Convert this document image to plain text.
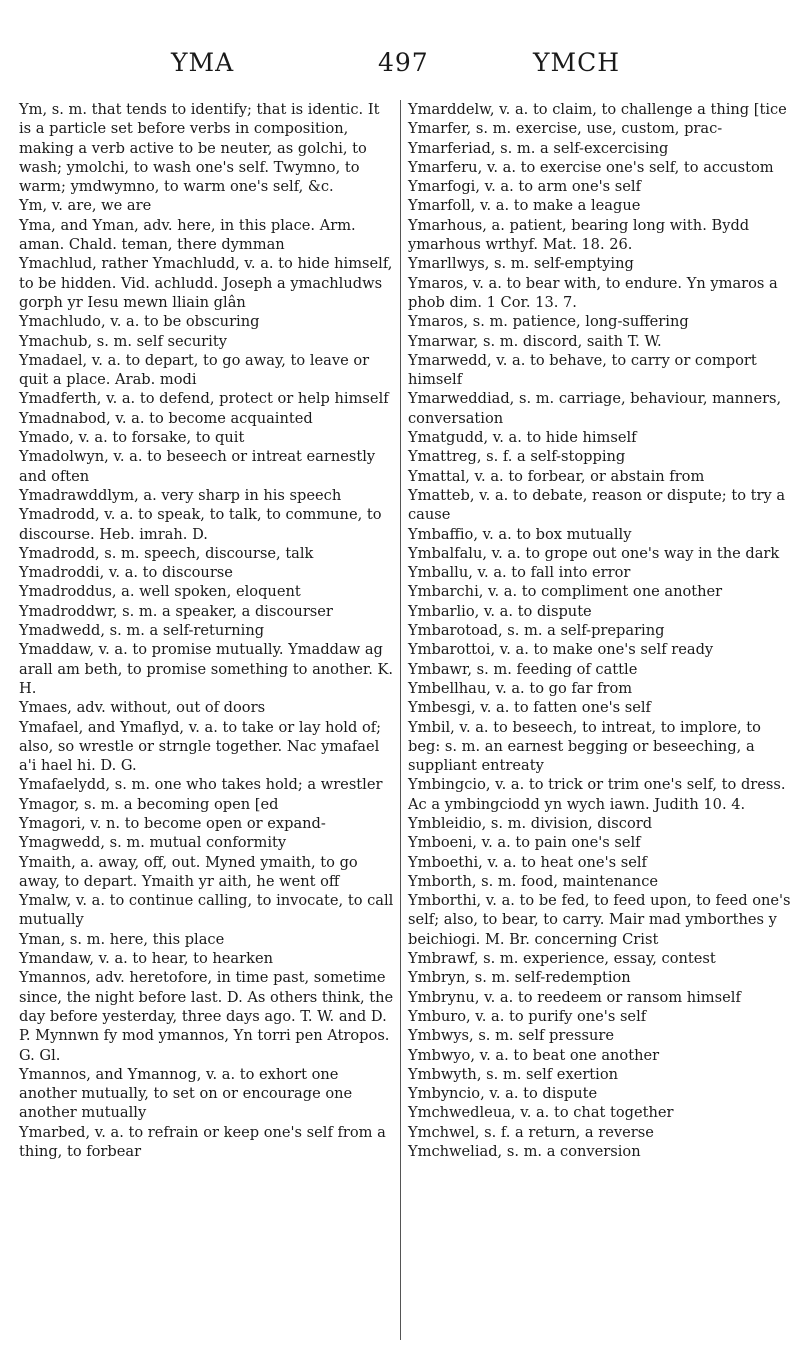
YMA	497	YMCH

Ym, s. m. that tends to identify; that is identic. It is a particle set before verbs in composition, making a verb active to be neuter, as golchi, to wash; ymolchi, to wash one's self. Twymno, to warm; ymdwymno, to warm one's self, &c.

Ym, v. are, we are

Yma, and Yman, adv. here, in this place. Arm. aman. Chald. teman, there dymman

Ymachlud, rather Ymachludd, v. a. to hide himself, to be hidden. Vid. achludd. Joseph a ymachludws gorph yr Iesu mewn lliain glân

Ymachludo, v. a. to be obscuring

Ymachub, s. m. self security

Ymadael, v. a. to depart, to go away, to leave or quit a place. Arab. modi

Ymadferth, v. a. to defend, protect or help himself

Ymadnabod, v. a. to become acquainted

Ymado, v. a. to forsake, to quit

Ymadolwyn, v. a. to beseech or intreat earnestly and often

Ymadrawddlym, a. very sharp in his speech

Ymadrodd, v. a. to speak, to talk, to commune, to discourse. Heb. imrah. D.

Ymadrodd, s. m. speech, discourse, talk

Ymadroddi, v. a. to discourse

Ymadroddus, a. well spoken, eloquent

Ymadroddwr, s. m. a speaker, a discourser

Ymadwedd, s. m. a self-returning

Ymaddaw, v. a. to promise mutually. Ymaddaw ag arall am beth, to promise something to another. K. H.

Ymaes, adv. without, out of doors

Ymafael, and Ymaflyd, v. a. to take or lay hold of; also, so wrestle or strngle together. Nac ymafael a'i hael hi. D. G.

Ymafaelydd, s. m. one who takes hold; a wrestler

Ymagor, s. m. a becoming open [ed

Ymagori, v. n. to become open or expand-

Ymagwedd, s. m. mutual conformity

Ymaith, a. away, off, out. Myned ymaith, to go away, to depart. Ymaith yr aith, he went off

Ymalw, v. a. to continue calling, to invocate, to call mutually

Yman, s. m. here, this place

Ymandaw, v. a. to hear, to hearken

Ymannos, adv. heretofore, in time past, sometime since, the night before last. D. As others think, the day before yesterday, three days ago. T. W. and D. P. Mynnwn fy mod ymannos, Yn torri pen Atropos. G. Gl.

Ymannos, and Ymannog, v. a. to exhort one another mutually, to set on or encourage one another mutually

Ymarbed, v. a. to refrain or keep one's self from a thing, to forbear

Ymarddelw, v. a. to claim, to challenge a thing [tice

Ymarfer, s. m. exercise, use, custom, prac-

Ymarferiad, s. m. a self-excercising

Ymarferu, v. a. to exercise one's self, to accustom

Ymarfogi, v. a. to arm one's self

Ymarfoll, v. a. to make a league

Ymarhous, a. patient, bearing long with. Bydd ymarhous wrthyf. Mat. 18. 26.

Ymarllwys, s. m. self-emptying

Ymaros, v. a. to bear with, to endure. Yn ymaros a phob dim. 1 Cor. 13. 7.

Ymaros, s. m. patience, long-suffering

Ymarwar, s. m. discord, saith T. W.

Ymarwedd, v. a. to behave, to carry or comport himself

Ymarweddiad, s. m. carriage, behaviour, manners, conversation

Ymatgudd, v. a. to hide himself

Ymattreg, s. f. a self-stopping

Ymattal, v. a. to forbear, or abstain from

Ymatteb, v. a. to debate, reason or dispute; to try a cause

Ymbaffio, v. a. to box mutually

Ymbalfalu, v. a. to grope out one's way in the dark

Ymballu, v. a. to fall into error

Ymbarchi, v. a. to compliment one another

Ymbarlio, v. a. to dispute

Ymbarotoad, s. m. a self-preparing

Ymbarottoi, v. a. to make one's self ready

Ymbawr, s. m. feeding of cattle

Ymbellhau, v. a. to go far from

Ymbesgi, v. a. to fatten one's self

Ymbil, v. a. to beseech, to intreat, to implore, to beg: s. m. an earnest begging or beseeching, a suppliant entreaty

Ymbingcio, v. a. to trick or trim one's self, to dress. Ac a ymbingciodd yn wych iawn. Judith 10. 4.

Ymbleidio, s. m. division, discord

Ymboeni, v. a. to pain one's self

Ymboethi, v. a. to heat one's self

Ymborth, s. m. food, maintenance

Ymborthi, v. a. to be fed, to feed upon, to feed one's self; also, to bear, to carry. Mair mad ymborthes y beichiogi. M. Br. concerning Crist

Ymbrawf, s. m. experience, essay, contest

Ymbryn, s. m. self-redemption

Ymbrynu, v. a. to reedeem or ransom himself

Ymburo, v. a. to purify one's self

Ymbwys, s. m. self pressure

Ymbwyo, v. a. to beat one another

Ymbwyth, s. m. self exertion

Ymbyncio, v. a. to dispute

Ymchwedleua, v. a. to chat together

Ymchwel, s. f. a return, a reverse

Ymchweliad, s. m. a conversion
